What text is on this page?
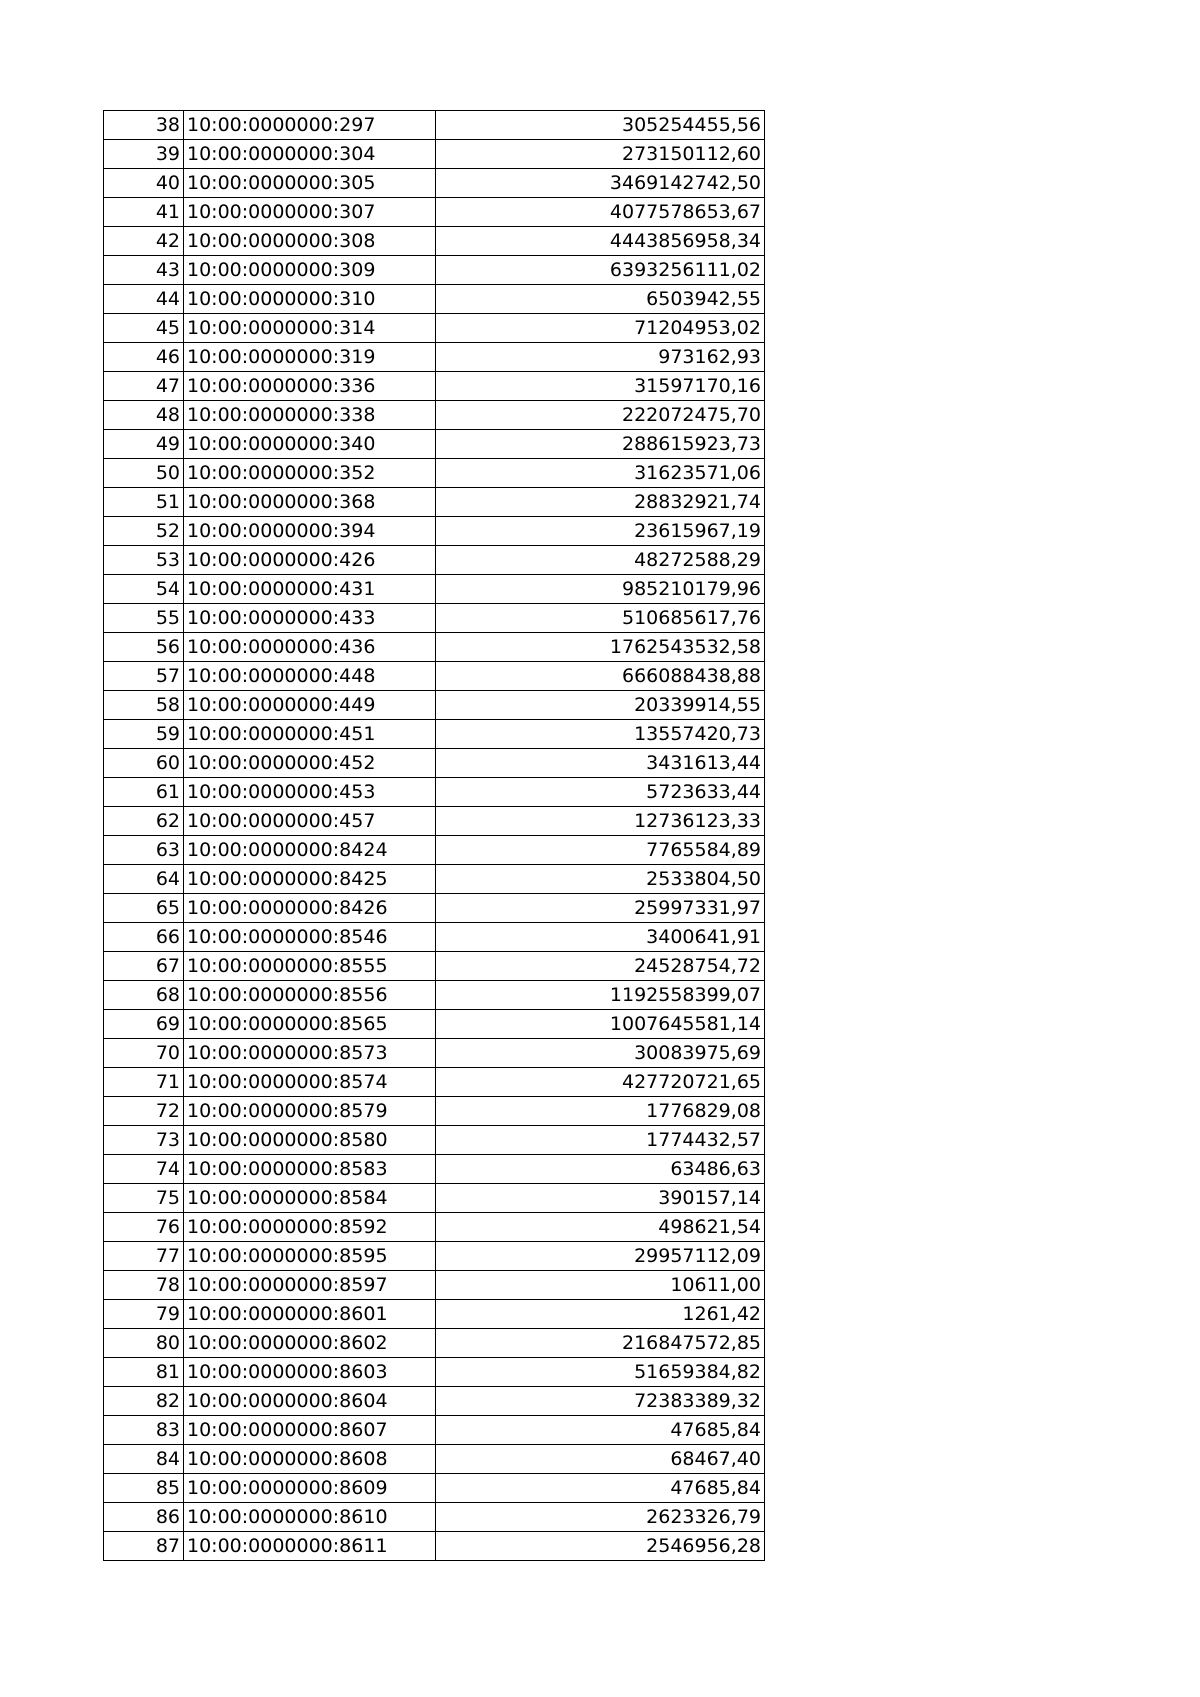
38	10:00:0000000:297	305254455,56
39	10:00:0000000:304	273150112,60
40	10:00:0000000:305	3469142742,50
41	10:00:0000000:307	4077578653,67
42	10:00:0000000:308	4443856958,34
43	10:00:0000000:309	6393256111,02
44	10:00:0000000:310	6503942,55
45	10:00:0000000:314	71204953,02
46	10:00:0000000:319	973162,93
47	10:00:0000000:336	31597170,16
48	10:00:0000000:338	222072475,70
49	10:00:0000000:340	288615923,73
50	10:00:0000000:352	31623571,06
51	10:00:0000000:368	28832921,74
52	10:00:0000000:394	23615967,19
53	10:00:0000000:426	48272588,29
54	10:00:0000000:431	985210179,96
55	10:00:0000000:433	510685617,76
56	10:00:0000000:436	1762543532,58
57	10:00:0000000:448	666088438,88
58	10:00:0000000:449	20339914,55
59	10:00:0000000:451	13557420,73
60	10:00:0000000:452	3431613,44
61	10:00:0000000:453	5723633,44
62	10:00:0000000:457	12736123,33
63	10:00:0000000:8424	7765584,89
64	10:00:0000000:8425	2533804,50
65	10:00:0000000:8426	25997331,97
66	10:00:0000000:8546	3400641,91
67	10:00:0000000:8555	24528754,72
68	10:00:0000000:8556	1192558399,07
69	10:00:0000000:8565	1007645581,14
70	10:00:0000000:8573	30083975,69
71	10:00:0000000:8574	427720721,65
72	10:00:0000000:8579	1776829,08
73	10:00:0000000:8580	1774432,57
74	10:00:0000000:8583	63486,63
75	10:00:0000000:8584	390157,14
76	10:00:0000000:8592	498621,54
77	10:00:0000000:8595	29957112,09
78	10:00:0000000:8597	10611,00
79	10:00:0000000:8601	1261,42
80	10:00:0000000:8602	216847572,85
81	10:00:0000000:8603	51659384,82
82	10:00:0000000:8604	72383389,32
83	10:00:0000000:8607	47685,84
84	10:00:0000000:8608	68467,40
85	10:00:0000000:8609	47685,84
86	10:00:0000000:8610	2623326,79
87	10:00:0000000:8611	2546956,28
